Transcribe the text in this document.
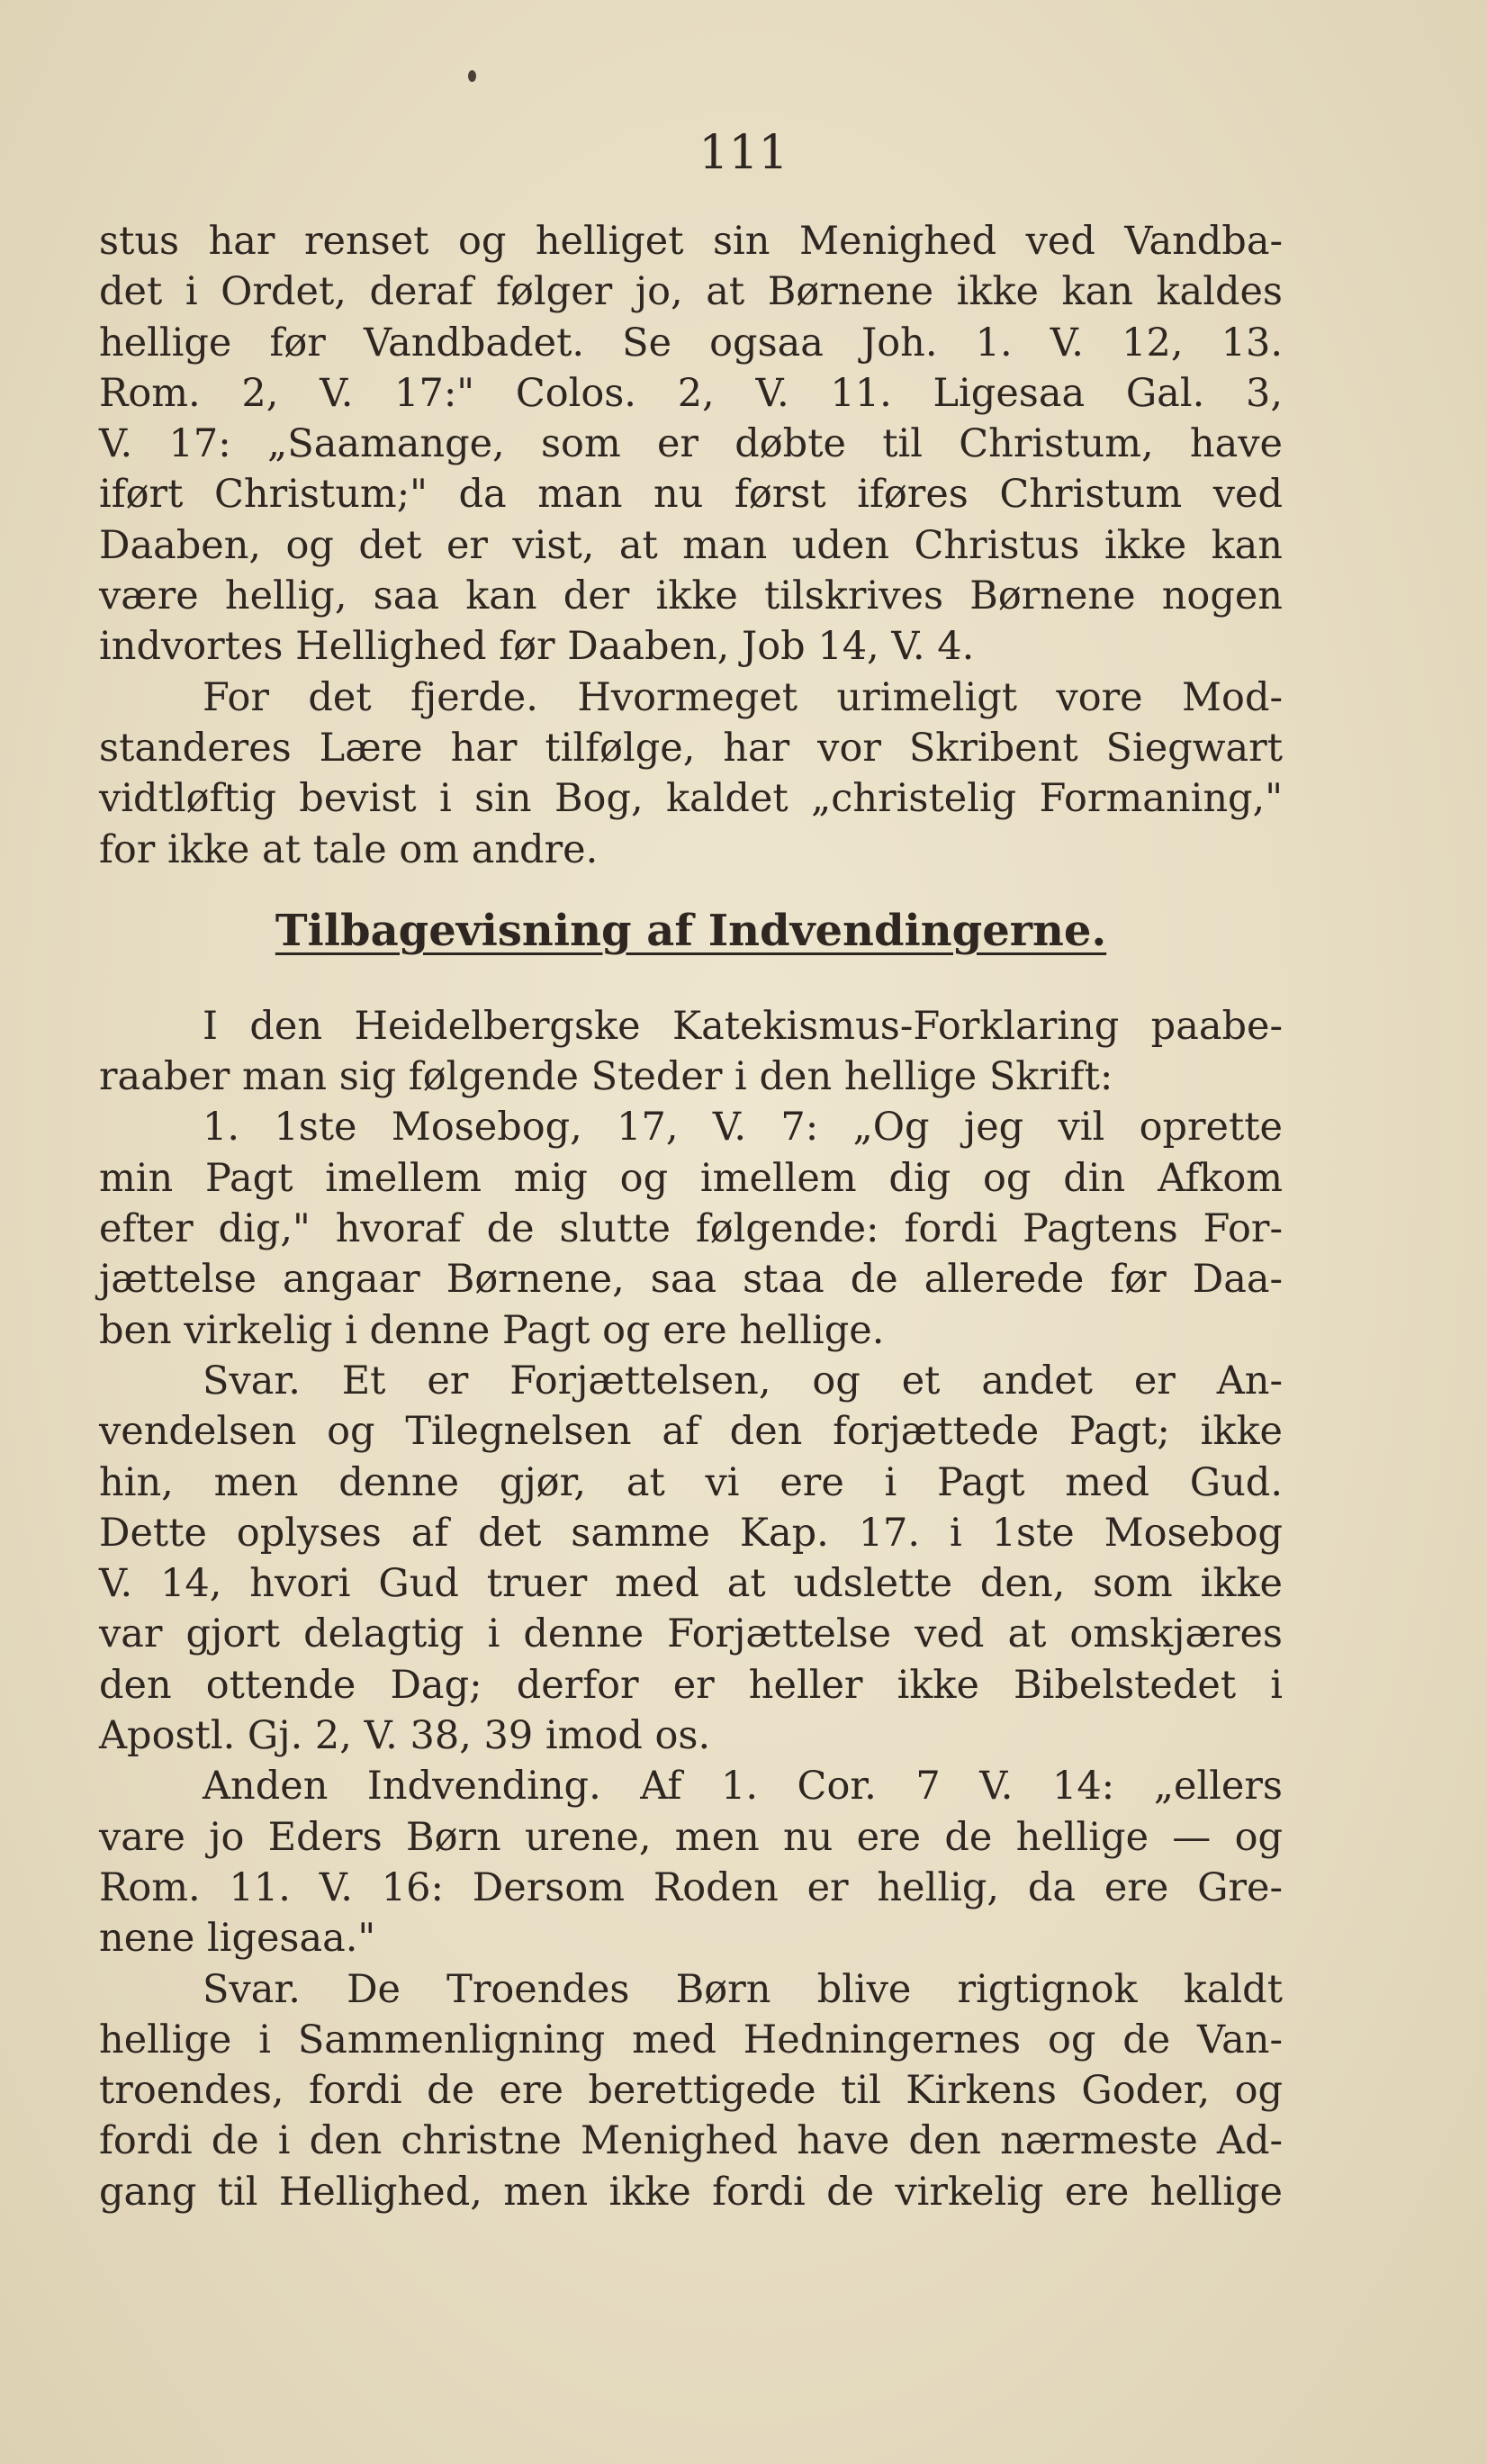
111
stus har renset og helliget sin Menighed ved Vandba-
det i Ordet, deraf følger jo, at Børnene ikke kan kaldes
hellige før Vandbadet. Se ogsaa Joh. 1. V. 12, 13.
Rom. 2, V. 17:" Colos. 2, V. 11. Ligesaa Gal. 3,
V. 17: „Saamange, som er døbte til Christum, have
iført Christum;" da man nu først iføres Christum ved
Daaben, og det er vist, at man uden Christus ikke kan
være hellig, saa kan der ikke tilskrives Børnene nogen
indvortes Hellighed før Daaben, Job 14, V. 4.
For det fjerde. Hvormeget urimeligt vore Mod-
standeres Lære har tilfølge, har vor Skribent Siegwart
vidtløftig bevist i sin Bog, kaldet „christelig Formaning,"
for ikke at tale om andre.
Tilbagevisning af Indvendingerne.
I den Heidelbergske Katekismus-Forklaring paabe-
raaber man sig følgende Steder i den hellige Skrift:
1. 1ste Mosebog, 17, V. 7: „Og jeg vil oprette
min Pagt imellem mig og imellem dig og din Afkom
efter dig," hvoraf de slutte følgende: fordi Pagtens For-
jættelse angaar Børnene, saa staa de allerede før Daa-
ben virkelig i denne Pagt og ere hellige.
Svar. Et er Forjættelsen, og et andet er An-
vendelsen og Tilegnelsen af den forjættede Pagt; ikke
hin, men denne gjør, at vi ere i Pagt med Gud.
Dette oplyses af det samme Kap. 17. i 1ste Mosebog
V. 14, hvori Gud truer med at udslette den, som ikke
var gjort delagtig i denne Forjættelse ved at omskjæres
den ottende Dag; derfor er heller ikke Bibelstedet i
Apostl. Gj. 2, V. 38, 39 imod os.
Anden Indvending. Af 1. Cor. 7 V. 14: „ellers
vare jo Eders Børn urene, men nu ere de hellige — og
Rom. 11. V. 16: Dersom Roden er hellig, da ere Gre-
nene ligesaa."
Svar. De Troendes Børn blive rigtignok kaldt
hellige i Sammenligning med Hedningernes og de Van-
troendes, fordi de ere berettigede til Kirkens Goder, og
fordi de i den christne Menighed have den nærmeste Ad-
gang til Hellighed, men ikke fordi de virkelig ere hellige
